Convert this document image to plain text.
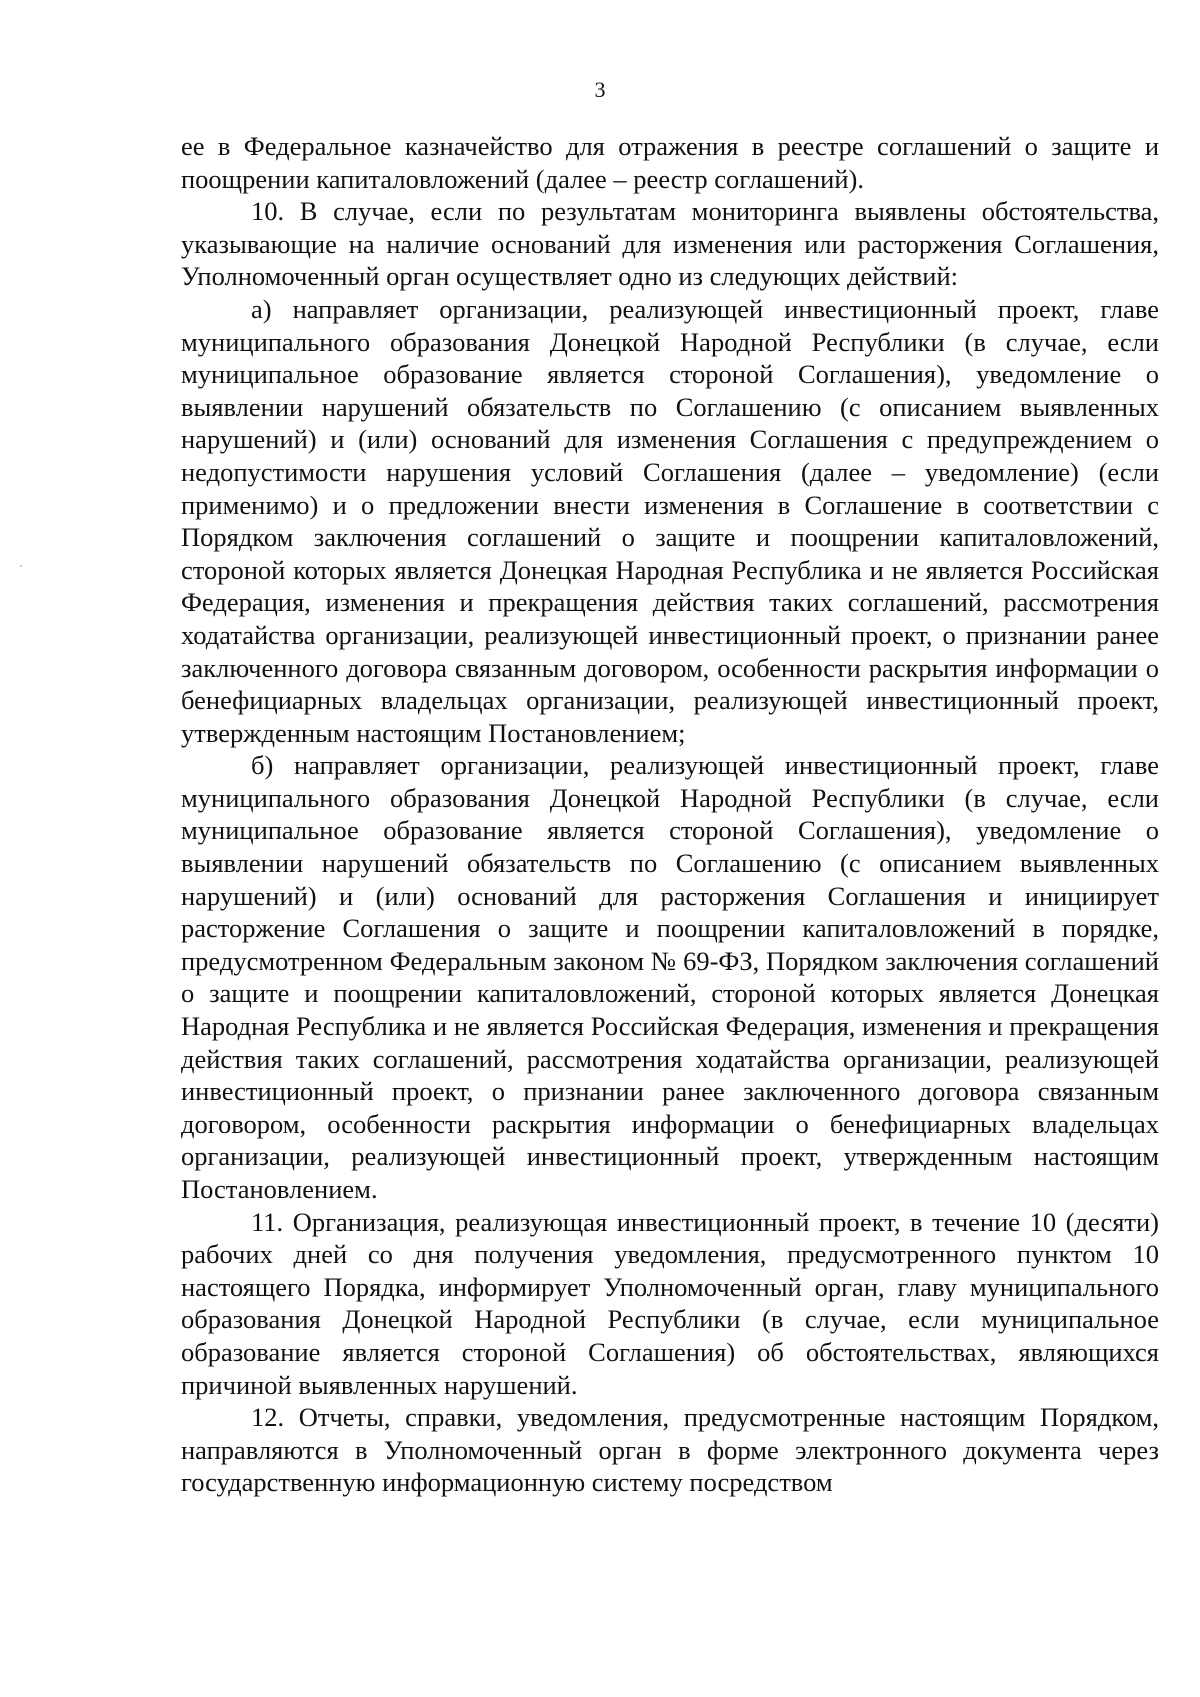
3

ее в Федеральное казначейство для отражения в реестре соглашений о защите и поощрении капиталовложений (далее – реестр соглашений).

10. В случае, если по результатам мониторинга выявлены обстоятельства, указывающие на наличие оснований для изменения или расторжения Соглашения, Уполномоченный орган осуществляет одно из следующих действий:

а) направляет организации, реализующей инвестиционный проект, главе муниципального образования Донецкой Народной Республики (в случае, если муниципальное образование является стороной Соглашения), уведомление о выявлении нарушений обязательств по Соглашению (с описанием выявленных нарушений) и (или) оснований для изменения Соглашения с предупреждением о недопустимости нарушения условий Соглашения (далее – уведомление) (если применимо) и о предложении внести изменения в Соглашение в соответствии с Порядком заключения соглашений о защите и поощрении капиталовложений, стороной которых является Донецкая Народная Республика и не является Российская Федерация, изменения и прекращения действия таких соглашений, рассмотрения ходатайства организации, реализующей инвестиционный проект, о признании ранее заключенного договора связанным договором, особенности раскрытия информации о бенефициарных владельцах организации, реализующей инвестиционный проект, утвержденным настоящим Постановлением;

б) направляет организации, реализующей инвестиционный проект, главе муниципального образования Донецкой Народной Республики (в случае, если муниципальное образование является стороной Соглашения), уведомление о выявлении нарушений обязательств по Соглашению (с описанием выявленных нарушений) и (или) оснований для расторжения Соглашения и инициирует расторжение Соглашения о защите и поощрении капиталовложений в порядке, предусмотренном Федеральным законом № 69-ФЗ, Порядком заключения соглашений о защите и поощрении капиталовложений, стороной которых является Донецкая Народная Республика и не является Российская Федерация, изменения и прекращения действия таких соглашений, рассмотрения ходатайства организации, реализующей инвестиционный проект, о признании ранее заключенного договора связанным договором, особенности раскрытия информации о бенефициарных владельцах организации, реализующей инвестиционный проект, утвержденным настоящим Постановлением.

11. Организация, реализующая инвестиционный проект, в течение 10 (десяти) рабочих дней со дня получения уведомления, предусмотренного пунктом 10 настоящего Порядка, информирует Уполномоченный орган, главу муниципального образования Донецкой Народной Республики (в случае, если муниципальное образование является стороной Соглашения) об обстоятельствах, являющихся причиной выявленных нарушений.

12. Отчеты, справки, уведомления, предусмотренные настоящим Порядком, направляются в Уполномоченный орган в форме электронного документа через государственную информационную систему посредством
